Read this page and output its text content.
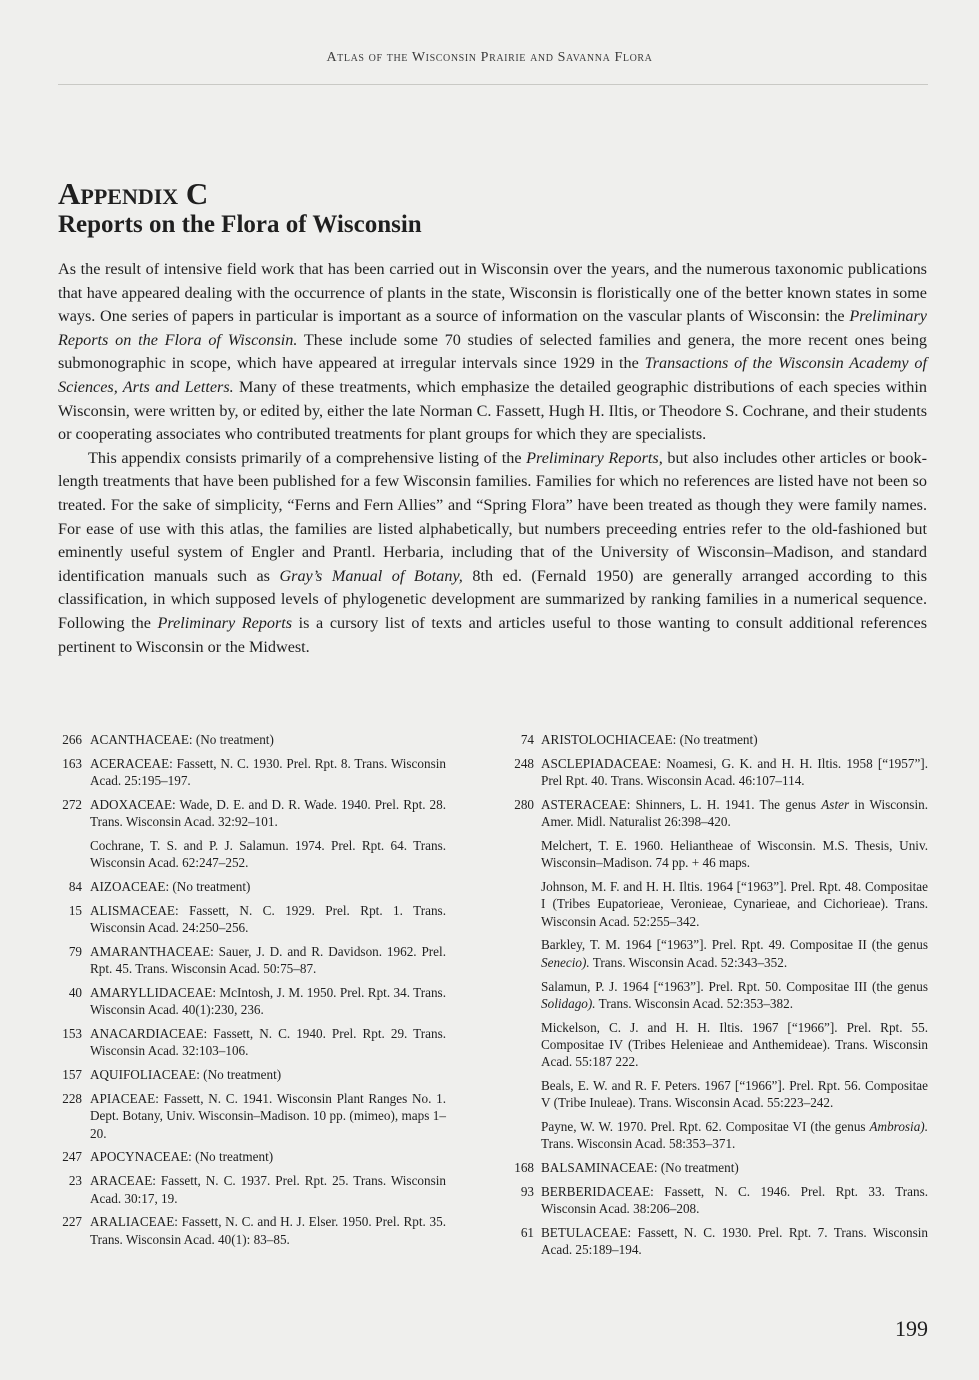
Atlas of the Wisconsin Prairie and Savanna Flora
Appendix C
Reports on the Flora of Wisconsin

As the result of intensive field work that has been carried out in Wisconsin over the years, and the numerous taxonomic publications that have appeared dealing with the occurrence of plants in the state, Wisconsin is floristically one of the better known states in some ways. One series of papers in particular is important as a source of information on the vascular plants of Wisconsin: the Preliminary Reports on the Flora of Wisconsin. These include some 70 studies of selected families and genera, the more recent ones being submonographic in scope, which have appeared at irregular intervals since 1929 in the Transactions of the Wisconsin Academy of Sciences, Arts and Letters. Many of these treatments, which emphasize the detailed geographic distributions of each species within Wisconsin, were written by, or edited by, either the late Norman C. Fassett, Hugh H. Iltis, or Theodore S. Cochrane, and their students or cooperating associates who contributed treatments for plant groups for which they are specialists.

This appendix consists primarily of a comprehensive listing of the Preliminary Reports, but also includes other articles or book-length treatments that have been published for a few Wisconsin families. Families for which no references are listed have not been so treated. For the sake of simplicity, “Ferns and Fern Allies” and “Spring Flora” have been treated as though they were family names. For ease of use with this atlas, the families are listed alphabetically, but numbers preceeding entries refer to the old-fashioned but eminently useful system of Engler and Prantl. Herbaria, including that of the University of Wisconsin–Madison, and standard identification manuals such as Gray’s Manual of Botany, 8th ed. (Fernald 1950) are generally arranged according to this classification, in which supposed levels of phylogenetic development are summarized by ranking families in a numerical sequence. Following the Preliminary Reports is a cursory list of texts and articles useful to those wanting to consult additional references pertinent to Wisconsin or the Midwest.

266 ACANTHACEAE: (No treatment)
163 ACERACEAE: Fassett, N. C. 1930. Prel. Rpt. 8. Trans. Wisconsin Acad. 25:195–197.
272 ADOXACEAE: Wade, D. E. and D. R. Wade. 1940. Prel. Rpt. 28. Trans. Wisconsin Acad. 32:92–101.
Cochrane, T. S. and P. J. Salamun. 1974. Prel. Rpt. 64. Trans. Wisconsin Acad. 62:247–252.
84 AIZOACEAE: (No treatment)
15 ALISMACEAE: Fassett, N. C. 1929. Prel. Rpt. 1. Trans. Wisconsin Acad. 24:250–256.
79 AMARANTHACEAE: Sauer, J. D. and R. Davidson. 1962. Prel. Rpt. 45. Trans. Wisconsin Acad. 50:75–87.
40 AMARYLLIDACEAE: McIntosh, J. M. 1950. Prel. Rpt. 34. Trans. Wisconsin Acad. 40(1):230, 236.
153 ANACARDIACEAE: Fassett, N. C. 1940. Prel. Rpt. 29. Trans. Wisconsin Acad. 32:103–106.
157 AQUIFOLIACEAE: (No treatment)
228 APIACEAE: Fassett, N. C. 1941. Wisconsin Plant Ranges No. 1. Dept. Botany, Univ. Wisconsin–Madison. 10 pp. (mimeo), maps 1–20.
247 APOCYNACEAE: (No treatment)
23 ARACEAE: Fassett, N. C. 1937. Prel. Rpt. 25. Trans. Wisconsin Acad. 30:17, 19.
227 ARALIACEAE: Fassett, N. C. and H. J. Elser. 1950. Prel. Rpt. 35. Trans. Wisconsin Acad. 40(1): 83–85.
74 ARISTOLOCHIACEAE: (No treatment)
248 ASCLEPIADACEAE: Noamesi, G. K. and H. H. Iltis. 1958 [“1957”]. Prel Rpt. 40. Trans. Wisconsin Acad. 46:107–114.
280 ASTERACEAE: Shinners, L. H. 1941. The genus Aster in Wisconsin. Amer. Midl. Naturalist 26:398–420.
Melchert, T. E. 1960. Heliantheae of Wisconsin. M.S. Thesis, Univ. Wisconsin–Madison. 74 pp. + 46 maps.
Johnson, M. F. and H. H. Iltis. 1964 [“1963”]. Prel. Rpt. 48. Compositae I (Tribes Eupatorieae, Veronieae, Cynarieae, and Cichorieae). Trans. Wisconsin Acad. 52:255–342.
Barkley, T. M. 1964 [“1963”]. Prel. Rpt. 49. Compositae II (the genus Senecio). Trans. Wisconsin Acad. 52:343–352.
Salamun, P. J. 1964 [“1963”]. Prel. Rpt. 50. Compositae III (the genus Solidago). Trans. Wisconsin Acad. 52:353–382.
Mickelson, C. J. and H. H. Iltis. 1967 [“1966”]. Prel. Rpt. 55. Compositae IV (Tribes Heleniеae and Anthemideae). Trans. Wisconsin Acad. 55:187 222.
Beals, E. W. and R. F. Peters. 1967 [“1966”]. Prel. Rpt. 56. Compositae V (Tribe Inuleae). Trans. Wisconsin Acad. 55:223–242.
Payne, W. W. 1970. Prel. Rpt. 62. Compositae VI (the genus Ambrosia). Trans. Wisconsin Acad. 58:353–371.
168 BALSAMINACEAE: (No treatment)
93 BERBERIDACEAE: Fassett, N. C. 1946. Prel. Rpt. 33. Trans. Wisconsin Acad. 38:206–208.
61 BETULACEAE: Fassett, N. C. 1930. Prel. Rpt. 7. Trans. Wisconsin Acad. 25:189–194.
199
